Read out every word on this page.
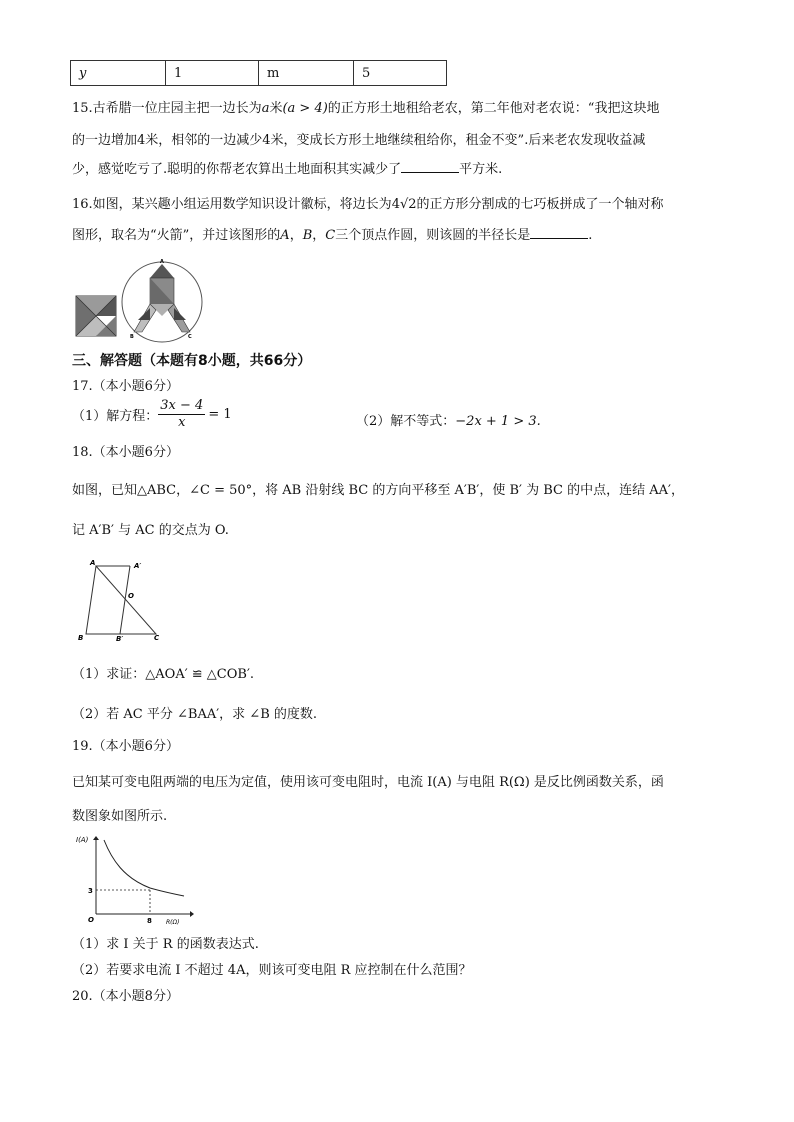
y	1	m	5
15.古希腊一位庄园主把一边长为a米(a > 4)的正方形土地租给老农，第二年他对老农说：“我把这块地
的一边增加4米，相邻的一边减少4米，变成长方形土地继续租给你，租金不变”.后来老农发现收益减
少，感觉吃亏了.聪明的你帮老农算出土地面积其实减少了	平方米.
16.如图，某兴趣小组运用数学知识设计徽标，将边长为4√2的正方形分割成的七巧板拼成了一个轴对称
图形，取名为“火箭”，并过该图形的A，B，C三个顶点作圆，则该圆的半径长是	.
A
B	C
三、解答题（本题有8小题，共66分）
17.（本小题6分）
（1）解方程： $\frac{3x - 4}{x} = 1$	（2）解不等式：−2x + 1 > 3.
18.（本小题6分）
如图，已知△ABC，∠C = 50°，将 AB 沿射线 BC 的方向平移至 A′B′，使 B′ 为 BC 的中点，连结 AA′，
记 A′B′ 与 AC 的交点为 O.
A	A′
O
B	B′	C
（1）求证：△AOA′ ≌ △COB′.
（2）若 AC 平分 ∠BAA′，求 ∠B 的度数.
19.（本小题6分）
已知某可变电阻两端的电压为定值，使用该可变电阻时，电流 I(A) 与电阻 R(Ω) 是反比例函数关系，函
数图象如图所示.
I(A)
3
O	8 R(Ω)
（1）求 I 关于 R 的函数表达式.
（2）若要求电流 I 不超过 4A，则该可变电阻 R 应控制在什么范围？
20.（本小题8分）
